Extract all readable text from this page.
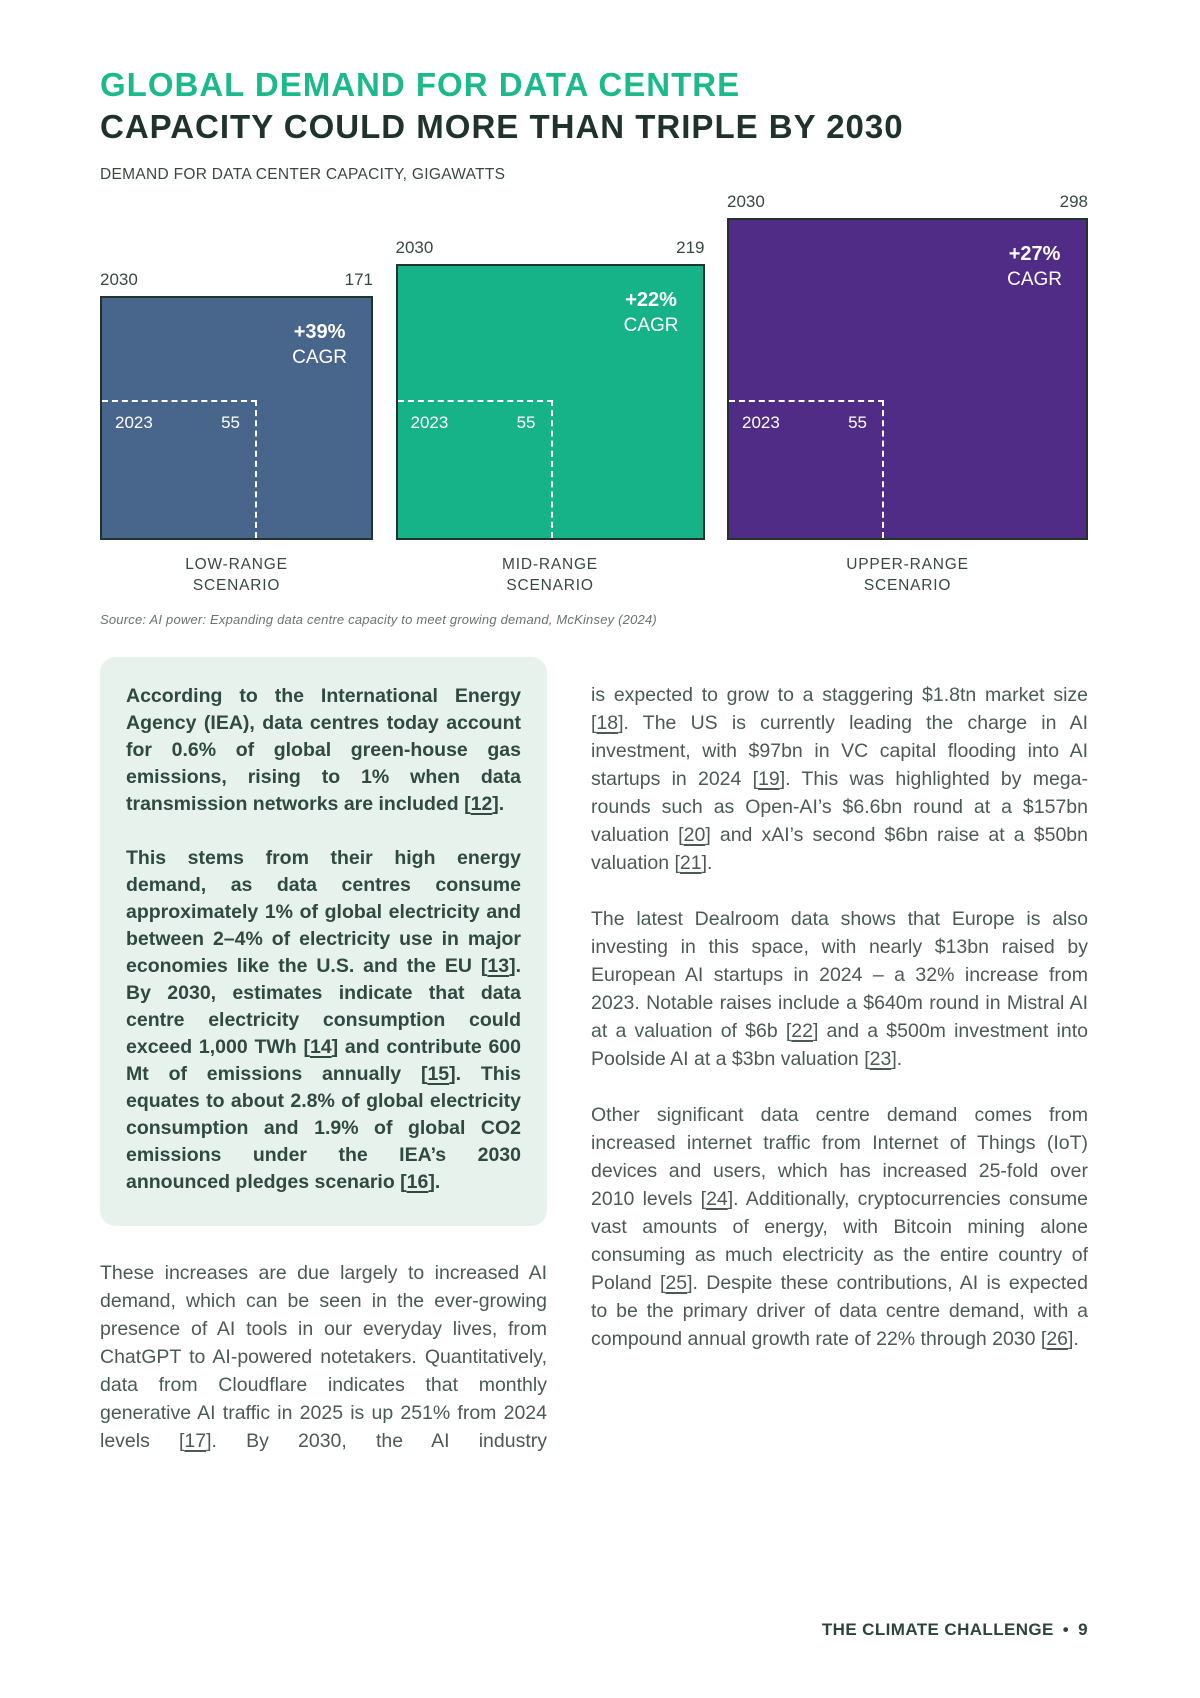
GLOBAL DEMAND FOR DATA CENTRE
CAPACITY COULD MORE THAN TRIPLE BY 2030
DEMAND FOR DATA CENTER CAPACITY, GIGAWATTS
2030	171
+39%
CAGR
2023	55
LOW-RANGE
SCENARIO
2030	219
+22%
CAGR
2023	55
MID-RANGE
SCENARIO
2030	298
+27%
CAGR
2023	55
UPPER-RANGE
SCENARIO
Source: AI power: Expanding data centre capacity to meet growing demand, McKinsey (2024)

According to the International Energy Agency (IEA), data centres today account for 0.6% of global green-house gas emissions, rising to 1% when data transmission networks are included [12].

This stems from their high energy demand, as data centres consume approximately 1% of global electricity and between 2–4% of electricity use in major economies like the U.S. and the EU [13]. By 2030, estimates indicate that data centre electricity consumption could exceed 1,000 TWh [14] and contribute 600 Mt of emissions annually [15]. This equates to about 2.8% of global electricity consumption and 1.9% of global CO2 emissions under the IEA’s 2030 announced pledges scenario [16].

These increases are due largely to increased AI demand, which can be seen in the ever-growing presence of AI tools in our everyday lives, from ChatGPT to AI-powered notetakers. Quantitatively, data from Cloudflare indicates that monthly generative AI traffic in 2025 is up 251% from 2024 levels [17]. By 2030, the AI industry

is expected to grow to a staggering $1.8tn market size [18]. The US is currently leading the charge in AI investment, with $97bn in VC capital flooding into AI startups in 2024 [19]. This was highlighted by mega-rounds such as Open-AI’s $6.6bn round at a $157bn valuation [20] and xAI’s second $6bn raise at a $50bn valuation [21].

The latest Dealroom data shows that Europe is also investing in this space, with nearly $13bn raised by European AI startups in 2024 – a 32% increase from 2023. Notable raises include a $640m round in Mistral AI at a valuation of $6b [22] and a $500m investment into Poolside AI at a $3bn valuation [23].

Other significant data centre demand comes from increased internet traffic from Internet of Things (IoT) devices and users, which has increased 25-fold over 2010 levels [24]. Additionally, cryptocurrencies consume vast amounts of energy, with Bitcoin mining alone consuming as much electricity as the entire country of Poland [25]. Despite these contributions, AI is expected to be the primary driver of data centre demand, with a compound annual growth rate of 22% through 2030 [26].

THE CLIMATE CHALLENGE • 9
